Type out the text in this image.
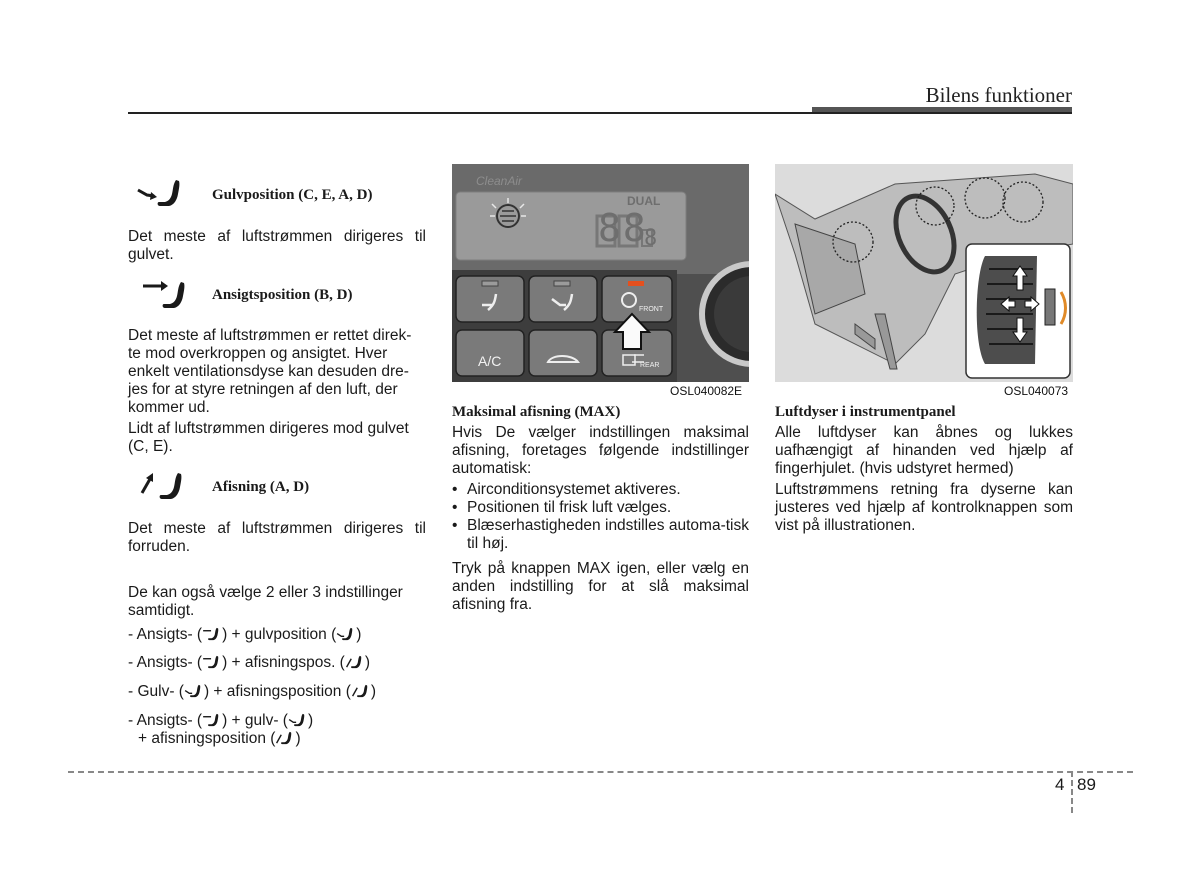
Bilens funktioner
Gulvposition (C, E, A, D)

Det meste af luftstrømmen dirigeres til gulvet.

Ansigtsposition (B, D)

Det meste af luftstrømmen er rettet direk-

te mod overkroppen og ansigtet. Hver

enkelt ventilationsdyse kan desuden dre-

jes for at styre retningen af den luft, der

kommer ud.

Lidt af luftstrømmen dirigeres mod gulvet (C, E).

Afisning (A, D)

Det meste af luftstrømmen dirigeres til forruden.

De kan også vælge 2 eller 3 indstillinger samtidigt.

- Ansigts- ( ) + gulvposition ( )
- Ansigts- ( ) + afisningspos. ( )
- Gulv- ( ) + afisningsposition ( )
- Ansigts- ( ) + gulv- ( )
+ afisningsposition ( )
CleanAir
DUAL
88
8
A/C
FRONT
REAR
OSL040082E
Maksimal afisning (MAX)

Hvis De vælger indstillingen maksimal afisning, foretages følgende indstillinger automatisk:

• Airconditionsystemet aktiveres.
• Positionen til frisk luft vælges.
• Blæserhastigheden indstilles automa-tisk til høj.

Tryk på knappen MAX igen, eller vælg en anden indstilling for at slå maksimal afisning fra.

OSL040073
Luftdyser i instrumentpanel

Alle luftdyser kan åbnes og lukkes uafhængigt af hinanden ved hjælp af fingerhjulet. (hvis udstyret hermed)

Luftstrømmens retning fra dyserne kan justeres ved hjælp af kontrolknappen som vist på illustrationen.

4 89
